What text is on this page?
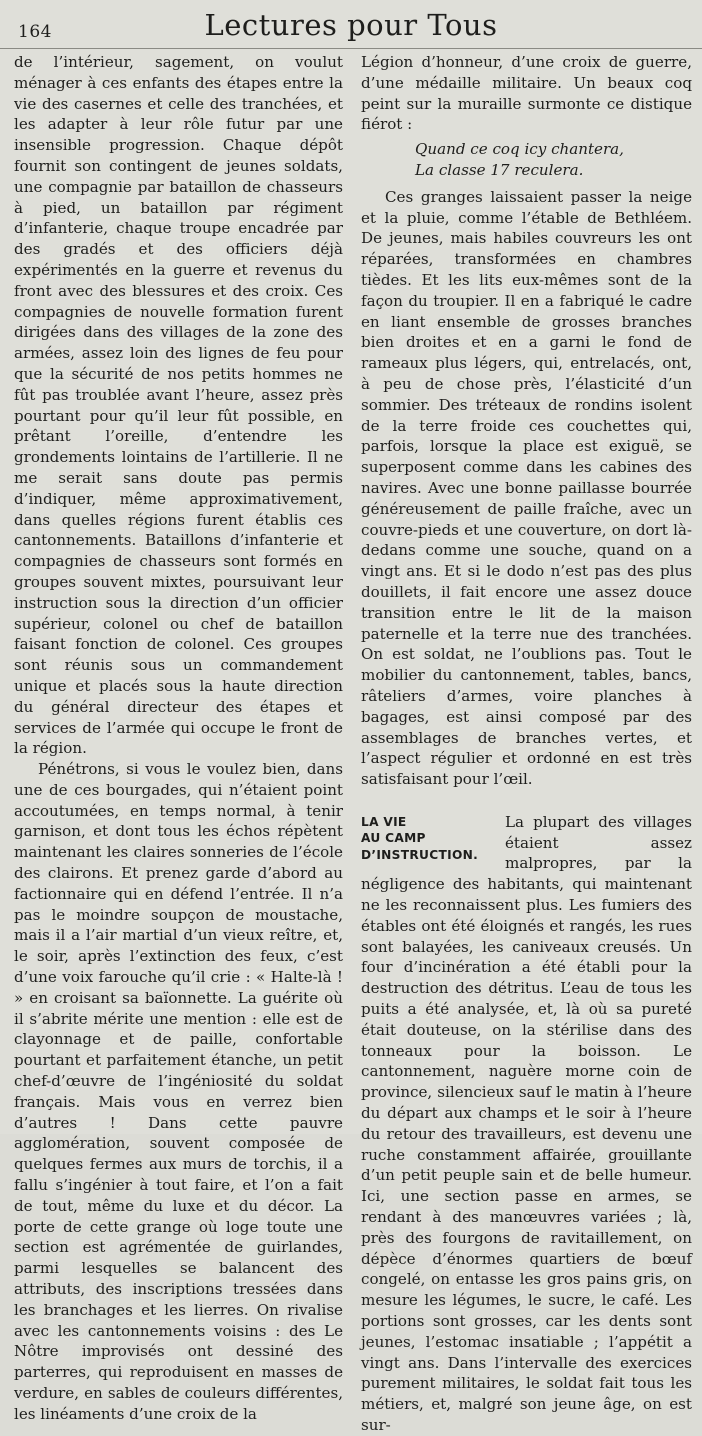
164	Lectures pour Tous

de l’intérieur, sagement, on voulut ménager à ces enfants des étapes entre la vie des casernes et celle des tranchées, et les adapter à leur rôle futur par une insensible progression. Chaque dépôt fournit son contingent de jeunes soldats, une compagnie par bataillon de chasseurs à pied, un bataillon par régiment d’infanterie, chaque troupe encadrée par des gradés et des officiers déjà expérimentés en la guerre et revenus du front avec des blessures et des croix. Ces compagnies de nouvelle formation furent dirigées dans des villages de la zone des armées, assez loin des lignes de feu pour que la sécurité de nos petits hommes ne fût pas troublée avant l’heure, assez près pourtant pour qu’il leur fût possible, en prêtant l’oreille, d’entendre les grondements lointains de l’artillerie. Il ne me serait sans doute pas permis d’indiquer, même approximativement, dans quelles régions furent établis ces cantonnements. Bataillons d’infanterie et compagnies de chasseurs sont formés en groupes souvent mixtes, poursuivant leur instruction sous la direction d’un officier supérieur, colonel ou chef de bataillon faisant fonction de colonel. Ces groupes sont réunis sous un commandement unique et placés sous la haute direction du général directeur des étapes et services de l’armée qui occupe le front de la région.

Pénétrons, si vous le voulez bien, dans une de ces bourgades, qui n’étaient point accoutumées, en temps normal, à tenir garnison, et dont tous les échos répètent maintenant les claires sonneries de l’école des clairons. Et prenez garde d’abord au factionnaire qui en défend l’entrée. Il n’a pas le moindre soupçon de moustache, mais il a l’air martial d’un vieux reître, et, le soir, après l’extinction des feux, c’est d’une voix farouche qu’il crie : « Halte-là ! » en croisant sa baïonnette. La guérite où il s’abrite mérite une mention : elle est de clayonnage et de paille, confortable pourtant et parfaitement étanche, un petit chef-d’œuvre de l’ingéniosité du soldat français. Mais vous en verrez bien d’autres ! Dans cette pauvre agglomération, souvent composée de quelques fermes aux murs de torchis, il a fallu s’ingénier à tout faire, et l’on a fait de tout, même du luxe et du décor. La porte de cette grange où loge toute une section est agrémentée de guirlandes, parmi lesquelles se balancent des attributs, des inscriptions tressées dans les branchages et les lierres. On rivalise avec les cantonnements voisins : des Le Nôtre improvisés ont dessiné des parterres, qui reproduisent en masses de verdure, en sables de couleurs différentes, les linéaments d’une croix de la

Légion d’honneur, d’une croix de guerre, d’une médaille militaire. Un beaux coq peint sur la muraille surmonte ce distique fiérot :

Quand ce coq icy chantera,
La classe 17 reculera.

Ces granges laissaient passer la neige et la pluie, comme l’étable de Bethléem. De jeunes, mais habiles couvreurs les ont réparées, transformées en chambres tièdes. Et les lits eux-mêmes sont de la façon du troupier. Il en a fabriqué le cadre en liant ensemble de grosses branches bien droites et en a garni le fond de rameaux plus légers, qui, entrelacés, ont, à peu de chose près, l’élasticité d’un sommier. Des tréteaux de rondins isolent de la terre froide ces couchettes qui, parfois, lorsque la place est exiguë, se superposent comme dans les cabines des navires. Avec une bonne paillasse bourrée généreusement de paille fraîche, avec un couvre-pieds et une couverture, on dort là-dedans comme une souche, quand on a vingt ans. Et si le dodo n’est pas des plus douillets, il fait encore une assez douce transition entre le lit de la maison paternelle et la terre nue des tranchées. On est soldat, ne l’oublions pas. Tout le mobilier du cantonnement, tables, bancs, râteliers d’armes, voire planches à bagages, est ainsi composé par des assemblages de branches vertes, et l’aspect régulier et ordonné en est très satisfaisant pour l’œil.

LA VIE
AU CAMP
D’INSTRUCTION.

La plupart des villages étaient assez malpropres, par la négligence des habitants, qui maintenant ne les reconnaissent plus. Les fumiers des étables ont été éloignés et rangés, les rues sont balayées, les caniveaux creusés. Un four d’incinération a été établi pour la destruction des détritus. L’eau de tous les puits a été analysée, et, là où sa pureté était douteuse, on la stérilise dans des tonneaux pour la boisson. Le cantonnement, naguère morne coin de province, silencieux sauf le matin à l’heure du départ aux champs et le soir à l’heure du retour des travailleurs, est devenu une ruche constamment affairée, grouillante d’un petit peuple sain et de belle humeur. Ici, une section passe en armes, se rendant à des manœuvres variées ; là, près des fourgons de ravitaillement, on dépèce d’énormes quartiers de bœuf congelé, on entasse les gros pains gris, on mesure les légumes, le sucre, le café. Les portions sont grosses, car les dents sont jeunes, l’estomac insatiable ; l’appétit a vingt ans. Dans l’intervalle des exercices purement militaires, le soldat fait tous les métiers, et, malgré son jeune âge, on est sur-
